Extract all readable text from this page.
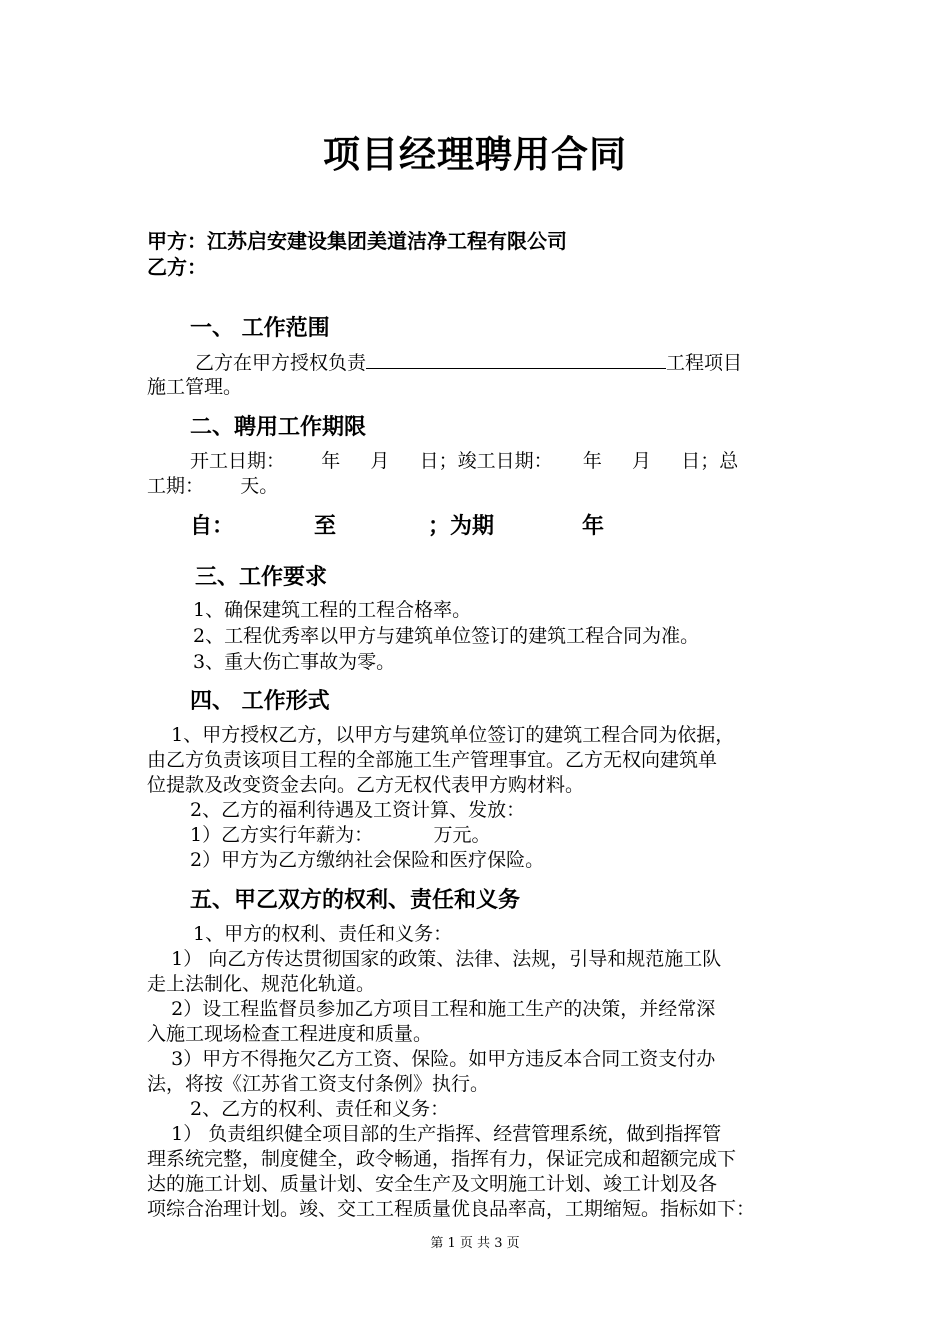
项目经理聘用合同
甲方：江苏启安建设集团美道洁净工程有限公司
乙方：
一、 工作范围
乙方在甲方授权负责	工程项目
施工管理。
二、聘用工作期限
开工日期：      年     月     日；竣工日期：     年     月     日；总
工期：      天。
自：	至	；为期	年
三、工作要求
1、确保建筑工程的工程合格率。
2、工程优秀率以甲方与建筑单位签订的建筑工程合同为准。
3、重大伤亡事故为零。
四、 工作形式
1、甲方授权乙方，以甲方与建筑单位签订的建筑工程合同为依据，
由乙方负责该项目工程的全部施工生产管理事宜。乙方无权向建筑单
位提款及改变资金去向。乙方无权代表甲方购材料。
2、乙方的福利待遇及工资计算、发放：
1）乙方实行年薪为：          万元。
2）甲方为乙方缴纳社会保险和医疗保险。
五、甲乙双方的权利、责任和义务
1、甲方的权利、责任和义务：
1） 向乙方传达贯彻国家的政策、法律、法规，引导和规范施工队
走上法制化、规范化轨道。
2）设工程监督员参加乙方项目工程和施工生产的决策，并经常深
入施工现场检查工程进度和质量。
3）甲方不得拖欠乙方工资、保险。如甲方违反本合同工资支付办
法，将按《江苏省工资支付条例》执行。
2、乙方的权利、责任和义务：
1） 负责组织健全项目部的生产指挥、经营管理系统，做到指挥管
理系统完整，制度健全，政令畅通，指挥有力，保证完成和超额完成下
达的施工计划、质量计划、安全生产及文明施工计划、竣工计划及各
项综合治理计划。竣、交工工程质量优良品率高，工期缩短。指标如下：
第 1 页 共 3 页
